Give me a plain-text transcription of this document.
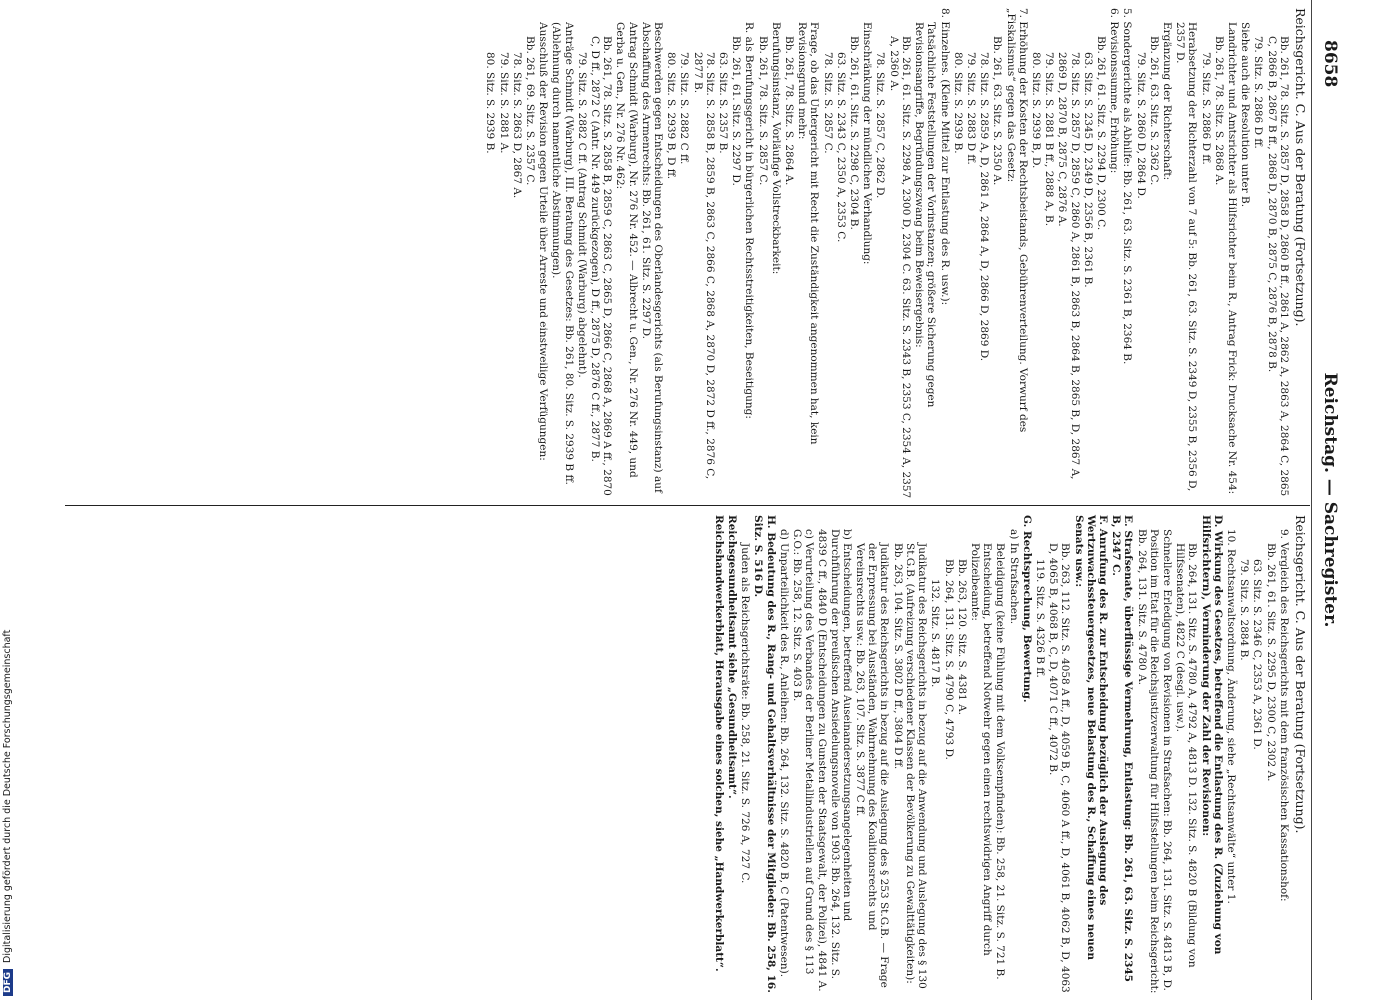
8658
Reichstag. — Sachregister.
Reichsgericht. C. Aus der Beratung (Fortsetzung).
Bb. 261, 78. Sitz. S. 2857 D, 2858 D, 2860 B ff., 2861 A, 2862 A, 2863 A, 2864 C, 2865 C, 2866 B, 2867 B ff., 2868 D, 2870 B, 2875 C, 2876 B, 2878 B.
79. Sitz. S. 2886 D ff.
Siehe auch die Resolution unter B.
Landrichter und Amtsrichter als Hilfsrichter beim R., Antrag Frick: Drucksache Nr. 454:
Bb. 261, 78. Sitz. S. 2868 A.
79. Sitz. S. 2886 D ff.
Herabsetzung der Richterzahl von 7 auf 5: Bb. 261, 63. Sitz. S. 2349 D, 2355 B, 2356 D, 2357 D.
Ergänzung der Richterschaft:
Bb. 261, 63. Sitz. S. 2362 C.
79. Sitz. S. 2860 D, 2864 D.
5. Sondergerichte als Abhilfe: Bb. 261, 63. Sitz. S. 2361 B, 2364 B.
6. Revisionssumme, Erhöhung:
Bb. 261, 61. Sitz. S. 2294 D, 2300 C.
63. Sitz. S. 2345 D, 2349 D, 2356 B, 2361 B.
78. Sitz. S. 2857 D, 2859 C, 2860 A, 2861 B, 2863 B, 2864 B, 2865 B, D, 2867 A, 2869 D, 2870 B, 2875 C, 2876 A.
79. Sitz. S. 2881 B ff., 2888 A, B.
80. Sitz. S. 2939 B, D.
7. Erhöhung der Kosten der Rechtsbeistands, Gebührenverteilung. Vorwurf des „Fiskalismus“ gegen das Gesetz:
Bb. 261, 63. Sitz. S. 2350 A.
78. Sitz. S. 2859 A, D, 2861 A, 2864 A, D, 2866 D, 2869 D.
79. Sitz. S. 2883 D ff.
80. Sitz. S. 2939 B.
8. Einzelnes. (Kleine Mittel zur Entlastung des R. usw.):
Tatsächliche Feststellungen der Vorinstanzen; größere Sicherung gegen Revisionsangriffe, Begründungszwang beim Beweisergebnis:
Bb. 261, 61. Sitz. S. 2298 A, 2300 D, 2304 C. 63. Sitz. S. 2343 B, 2353 C, 2354 A, 2357 A, 2360 A.
78. Sitz. S. 2857 C, 2862 D.
Einschränkung der mündlichen Verhandlung:
Bb. 261, 61. Sitz. S. 2298 C, 2304 B.
63. Sitz. S. 2343 C, 2350 A, 2353 C.
78. Sitz. S. 2857 C.
Frage, ob das Untergericht mit Recht die Zuständigkeit angenommen hat, kein Revisionsgrund mehr:
Bb. 261, 78. Sitz. S. 2864 A.
Berufungsinstanz, Vorläufige Vollstreckbarkeit:
Bb. 261, 78. Sitz. S. 2857 C.
R. als Berufungsgericht in bürgerlichen Rechtsstreitigkeiten, Beseitigung:
Bb. 261, 61. Sitz. S. 2297 D.
63. Sitz. S. 2357 B.
78. Sitz. S. 2858 B, 2859 B, 2863 C, 2866 C, 2868 A, 2870 D, 2872 D ff., 2876 C, 2877 B.
79. Sitz. S. 2882 C ff.
80. Sitz. S. 2939 B, D ff.
Beschwerden gegen Entscheidungen des Oberlandesgerichts (als Berufungsinstanz) auf Abschaffung des Armenrechts: Bb. 261, 61. Sitz. S. 2297 D.
Antrag Schmidt (Warburg), Nr. 276 Nr. 452. — Albrecht u. Gen., Nr. 276 Nr. 449, und Gerba u. Gen., Nr. 276 Nr. 462:
Bb. 261, 78. Sitz. S. 2858 B, 2859 C, 2863 C, 2865 D, 2866 C, 2868 A, 2869 A ff., 2870 C, D ff., 2872 C (Antr. Nr. 449 zurückgezogen), D ff., 2875 D, 2876 C ff., 2877 B.
79. Sitz. S. 2882 C ff. (Antrag Schmidt (Warburg) abgelehnt).
Anträge Schmidt (Warburg), III. Beratung des Gesetzes: Bb. 261, 80. Sitz. S. 2939 B ff. (Ablehnung durch namentliche Abstimmungen).
Ausschluß der Revision gegen Urteile über Arreste und einstweilige Verfügungen:
Bb. 261, 69. Sitz. S. 2357 C.
78. Sitz. S. 2863 D, 2867 A.
79. Sitz. S. 2881 A.
80. Sitz. S. 2939 B.
Reichsgericht. C. Aus der Beratung (Fortsetzung).
9. Vergleich des Reichsgerichts mit dem französischen Kassationshof:
Bb. 261, 61. Sitz. S. 2295 D, 2300 C, 2302 A.
63. Sitz. S. 2346 C, 2353 A, 2361 D.
79. Sitz. S. 2884 B.
10. Rechtsanwaltsordnung, Änderung, siehe „Rechtsanwälte“ unter 1.
D. Wirkung des Gesetzes, betreffend die Entlastung des R. (Zuziehung von Hilfsrichtern), Verminderung der Zahl der Revisionen:
Bb. 264, 131. Sitz. S. 4780 A, 4792 A, 4813 D. 132. Sitz. S. 4820 B (Bildung von Hilfssenaten), 4822 C (desgl. usw.).
Schnellere Erledigung von Revisionen in Strafsachen: Bb. 264, 131. Sitz. S. 4813 B, D.
Position im Etat für die Reichsjustizverwaltung für Hilfsstellungen beim Reichsgericht: Bb. 264, 131. Sitz. S. 4780 A.
E. Strafsenate, überflüssige Vermehrung, Entlastung: Bb. 261, 63. Sitz. S. 2345 B, 2347 C.
F. Anrufung des R. zur Entscheidung bezüglich der Auslegung des Wertzuwachssteuergesetzes, neue Belastung des R., Schaffung eines neuen Senats usw.:
Bb. 263, 112. Sitz. S. 4058 A ff., D, 4059 B, C, 4060 A ff., D, 4061 B, 4062 B, D, 4063 D, 4065 B, 4068 B, C, D, 4071 C ff., 4072 B.
119. Sitz. S. 4326 B ff.
G. Rechtsprechung, Bewertung.
a) In Strafsachen.
Beleidigung (keine Fühlung mit dem Volksempfinden): Bb. 258, 21. Sitz. S. 721 B.
Entscheidung, betreffend Notwehr gegen einen rechtswidrigen Angriff durch Polizeibeamte:
Bb. 263, 120. Sitz. S. 4381 A.
Bb. 264, 131. Sitz. S. 4790 C, 4793 D.
132. Sitz. S. 4817 B.
Judikatur des Reichsgerichts in bezug auf die Anwendung und Auslegung des § 130 St.G.B. (Aufreizung verschiedener Klassen der Bevölkerung zu Gewalttätigkeiten): Bb. 263, 104. Sitz. S. 3802 D ff., 3804 D ff.
Judikatur des Reichsgerichts in bezug auf die Auslegung des § 253 St.G.B. — Frage der Erpressung bei Ausständen, Wahrnehmung des Koalitionsrechts und Vereinsrechts usw.: Bb. 263, 107. Sitz. S. 3877 C ff.
b) Entscheidungen, betreffend Auseinandersetzungsangelegenheiten und Durchführung der preußischen Ansiedelungsnovelle von 1903: Bb. 264, 132. Sitz. S. 4839 C ff., 4840 D (Entscheidungen zu Gunsten der Staatsgewalt, der Polizei), 4841 A.
c) Verurteilung des Verbandes der Berliner Metallindustriellen auf Grund des § 113 G.O.: Bb. 258, 12. Sitz. S. 403 B.
d) Unparteilichkeit des R., Anleihen: Bb. 264, 132. Sitz. S. 4820 B, C (Patentwesen).
H. Bedeutung des R., Rang- und Gehaltsverhältnisse der Mitglieder: Bb. 258, 16. Sitz. S. 516 D.
Juden als Reichsgerichtsräte: Bb. 258, 21. Sitz. S. 726 A, 727 C.
Reichsgesundheitsamt siehe „Gesundheitsamt“.
Reichshandwerkerblatt, Herausgabe eines solchen, siehe „Handwerkerblatt“.
DFGDigitalisierung gefördert durch die Deutsche Forschungsgemeinschaft
